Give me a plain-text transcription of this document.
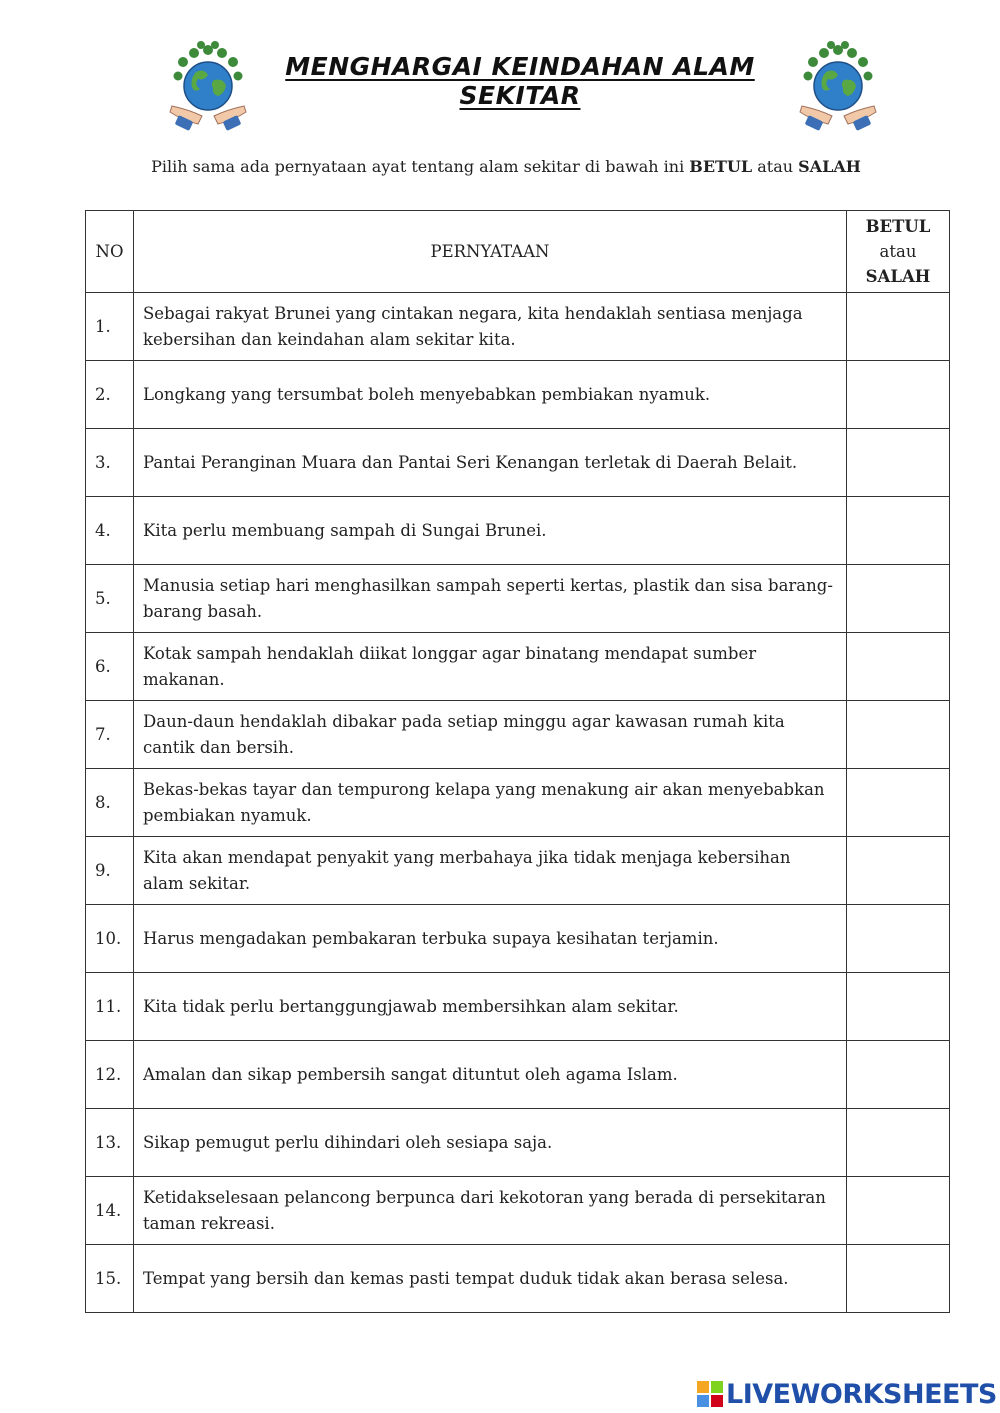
MENGHARGAI KEINDAHAN ALAM SEKITAR
Pilih sama ada pernyataan ayat tentang alam sekitar di bawah ini BETUL atau SALAH
NO	PERNYATAAN	BETUL
atau
SALAH

1.	Sebagai rakyat Brunei yang cintakan negara, kita hendaklah sentiasa menjaga kebersihan dan keindahan alam sekitar kita.	
2.	Longkang yang tersumbat boleh menyebabkan pembiakan nyamuk.	
3.	Pantai Peranginan Muara dan Pantai Seri Kenangan terletak di Daerah Belait.	
4.	Kita perlu membuang sampah di Sungai Brunei.	
5.	Manusia setiap hari menghasilkan sampah seperti kertas, plastik dan sisa barang-barang basah.	
6.	Kotak sampah hendaklah diikat longgar agar binatang mendapat sumber makanan.	
7.	Daun-daun hendaklah dibakar pada setiap minggu agar kawasan rumah kita cantik dan bersih.	
8.	Bekas-bekas tayar dan tempurong kelapa yang menakung air akan menyebabkan pembiakan nyamuk.	
9.	Kita akan mendapat penyakit yang merbahaya jika tidak menjaga kebersihan alam sekitar.	
10.	Harus mengadakan pembakaran terbuka supaya kesihatan terjamin.	
11.	Kita tidak perlu bertanggungjawab membersihkan alam sekitar.	
12.	Amalan dan sikap pembersih sangat dituntut oleh agama Islam.	
13.	Sikap pemugut perlu dihindari oleh sesiapa saja.	
14.	Ketidakselesaan pelancong berpunca dari kekotoran yang berada di persekitaran taman rekreasi.	
15.	Tempat yang bersih dan kemas pasti tempat duduk tidak akan berasa selesa.	
LIVEWORKSHEETS
